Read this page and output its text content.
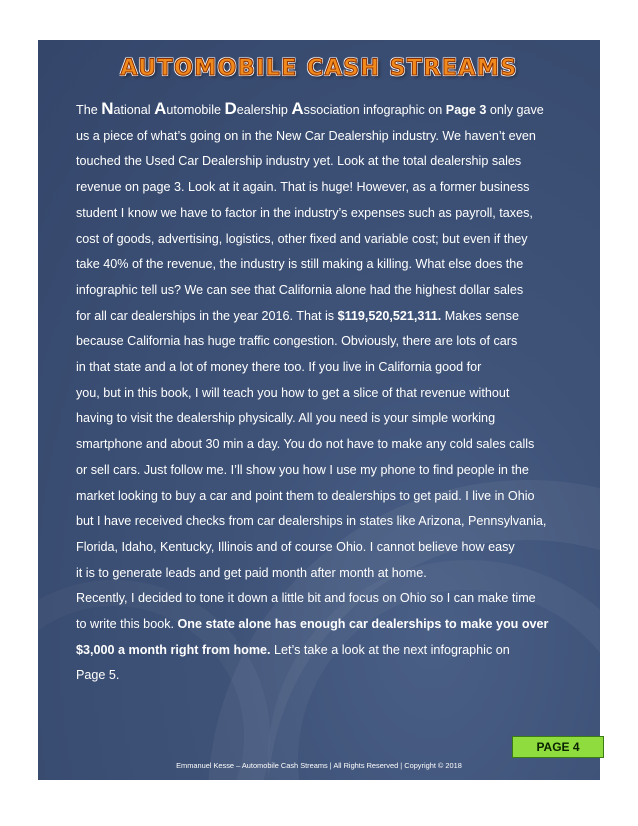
AUTOMOBILE CASH STREAMS
The National Automobile Dealership Association infographic on Page 3 only gave
us a piece of what’s going on in the New Car Dealership industry. We haven’t even
touched the Used Car Dealership industry yet. Look at the total dealership sales
revenue on page 3. Look at it again. That is huge! However, as a former business
student I know we have to factor in the industry’s expenses such as payroll, taxes,
cost of goods, advertising, logistics, other fixed and variable cost; but even if they
take 40% of the revenue, the industry is still making a killing. What else does the
infographic tell us? We can see that California alone had the highest dollar sales
for all car dealerships in the year 2016. That is $119,520,521,311. Makes sense
because California has huge traffic congestion. Obviously, there are lots of cars
in that state and a lot of money there too. If you live in California good for
you, but in this book, I will teach you how to get a slice of that revenue without
having to visit the dealership physically. All you need is your simple working
smartphone and about 30 min a day. You do not have to make any cold sales calls
or sell cars. Just follow me. I’ll show you how I use my phone to find people in the
market looking to buy a car and point them to dealerships to get paid. I live in Ohio
but I have received checks from car dealerships in states like Arizona, Pennsylvania,
Florida, Idaho, Kentucky, Illinois and of course Ohio. I cannot believe how easy
it is to generate leads and get paid month after month at home.
Recently, I decided to tone it down a little bit and focus on Ohio so I can make time
to write this book. One state alone has enough car dealerships to make you over
$3,000 a month right from home. Let’s take a look at the next infographic on
Page 5.
PAGE 4
Emmanuel Kesse – Automobile Cash Streams | All Rights Reserved | Copyright © 2018
